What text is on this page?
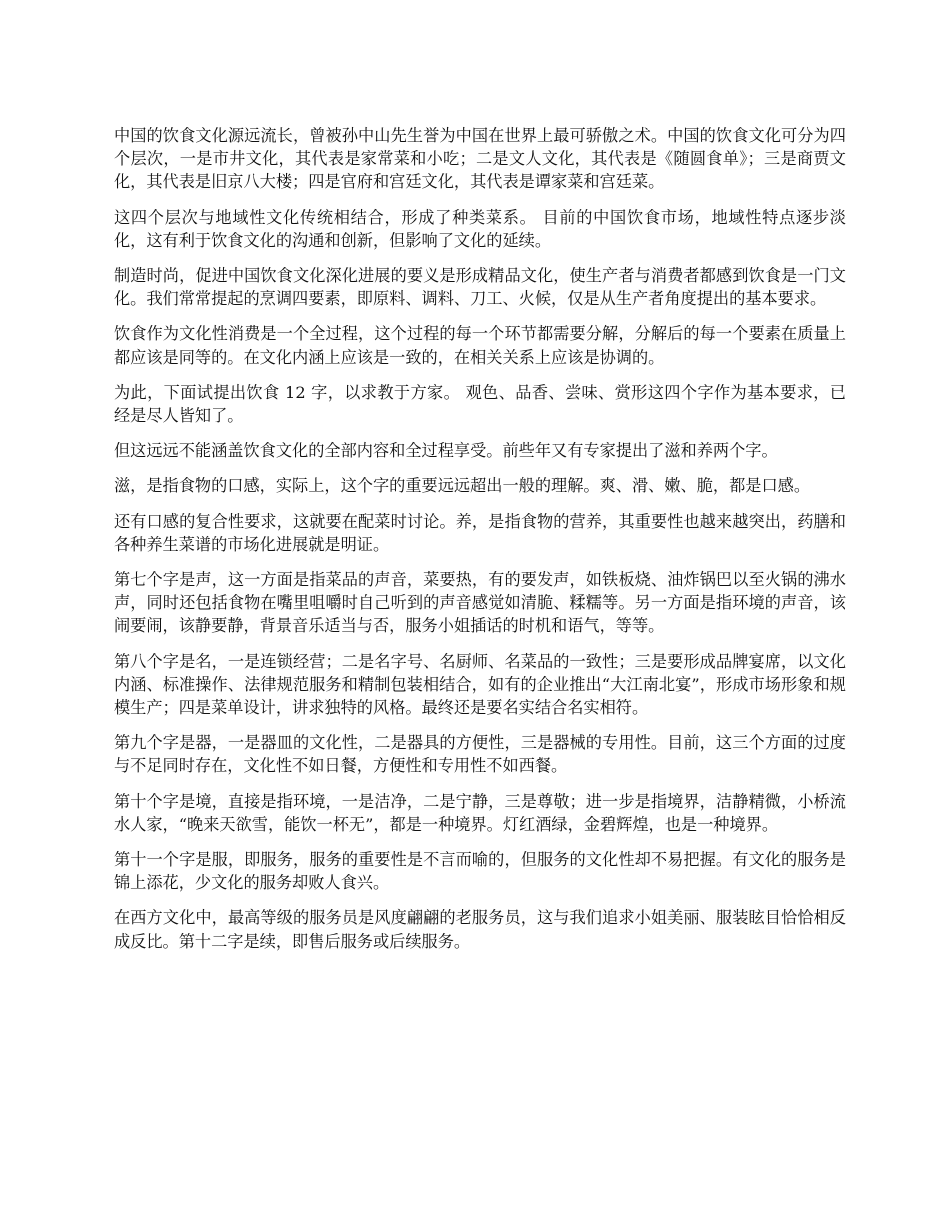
中国的饮食文化源远流长，曾被孙中山先生誉为中国在世界上最可骄傲之术。中国的饮食文化可分为四个层次，一是市井文化，其代表是家常菜和小吃；二是文人文化，其代表是《随圆食单》；三是商贾文化，其代表是旧京八大楼；四是官府和宫廷文化，其代表是谭家菜和宫廷菜。

这四个层次与地域性文化传统相结合，形成了种类菜系。 目前的中国饮食市场，地域性特点逐步淡化，这有利于饮食文化的沟通和创新，但影响了文化的延续。

制造时尚，促进中国饮食文化深化进展的要义是形成精品文化，使生产者与消费者都感到饮食是一门文化。我们常常提起的烹调四要素，即原料、调料、刀工、火候，仅是从生产者角度提出的基本要求。

饮食作为文化性消费是一个全过程，这个过程的每一个环节都需要分解，分解后的每一个要素在质量上都应该是同等的。在文化内涵上应该是一致的，在相关关系上应该是协调的。

为此，下面试提出饮食 12 字，以求教于方家。 观色、品香、尝味、赏形这四个字作为基本要求，已经是尽人皆知了。

但这远远不能涵盖饮食文化的全部内容和全过程享受。前些年又有专家提出了滋和养两个字。

滋，是指食物的口感，实际上，这个字的重要远远超出一般的理解。爽、滑、嫩、脆，都是口感。

还有口感的复合性要求，这就要在配菜时讨论。养，是指食物的营养，其重要性也越来越突出，药膳和各种养生菜谱的市场化进展就是明证。

第七个字是声，这一方面是指菜品的声音，菜要热，有的要发声，如铁板烧、油炸锅巴以至火锅的沸水声，同时还包括食物在嘴里咀嚼时自己听到的声音感觉如清脆、糅糯等。另一方面是指环境的声音，该闹要闹，该静要静，背景音乐适当与否，服务小姐插话的时机和语气，等等。

第八个字是名，一是连锁经营；二是名字号、名厨师、名菜品的一致性；三是要形成品牌宴席，以文化内涵、标准操作、法律规范服务和精制包装相结合，如有的企业推出“大江南北宴”，形成市场形象和规模生产；四是菜单设计，讲求独特的风格。最终还是要名实结合名实相符。

第九个字是器，一是器皿的文化性，二是器具的方便性，三是器械的专用性。目前，这三个方面的过度与不足同时存在，文化性不如日餐，方便性和专用性不如西餐。

第十个字是境，直接是指环境，一是洁净，二是宁静，三是尊敬；进一步是指境界，洁静精微，小桥流水人家，“晚来天欲雪，能饮一杯无”，都是一种境界。灯红酒绿，金碧辉煌，也是一种境界。

第十一个字是服，即服务，服务的重要性是不言而喻的，但服务的文化性却不易把握。有文化的服务是锦上添花，少文化的服务却败人食兴。

在西方文化中，最高等级的服务员是风度翩翩的老服务员，这与我们追求小姐美丽、服装眩目恰恰相反成反比。第十二字是续，即售后服务或后续服务。
